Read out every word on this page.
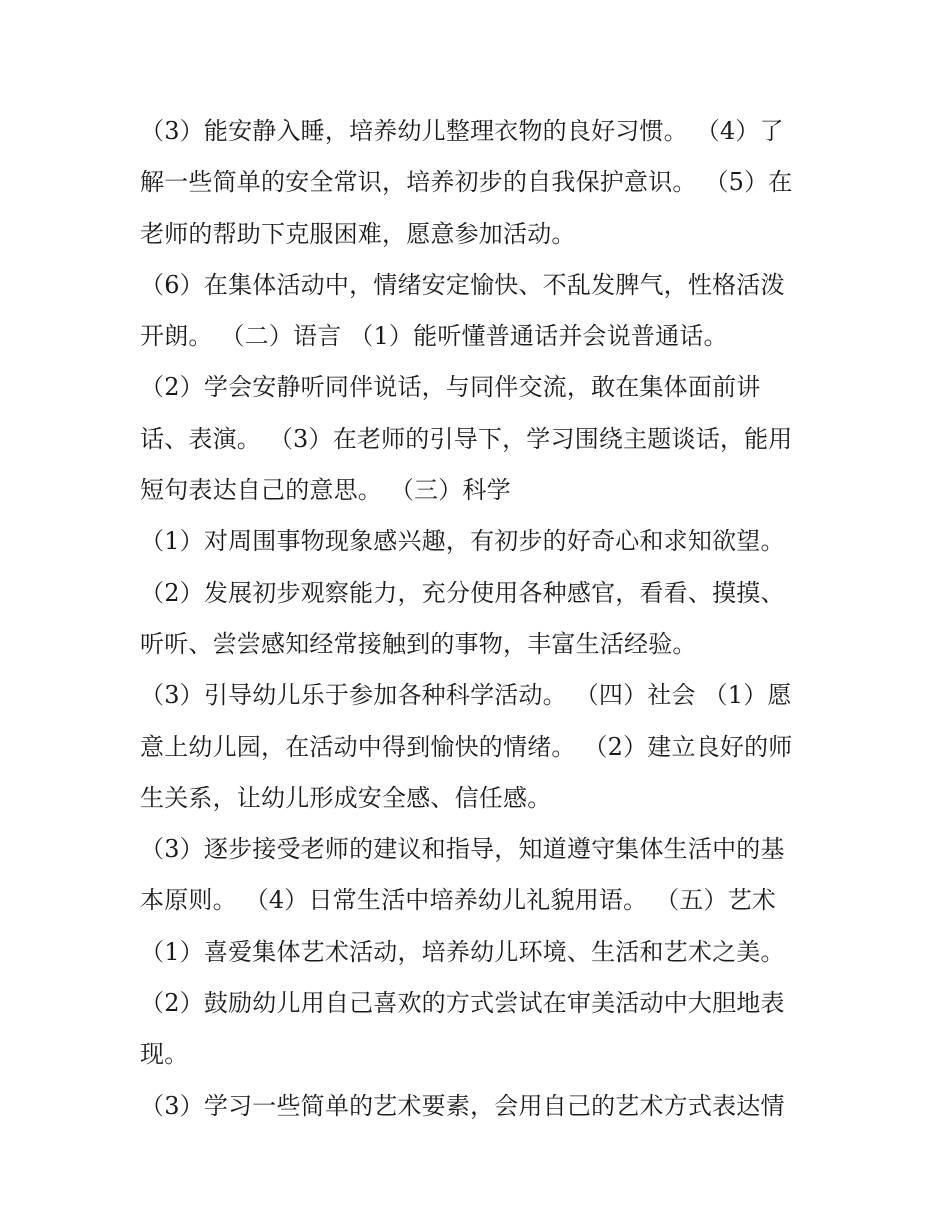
（3）能安静入睡，培养幼儿整理衣物的良好习惯。 （4）了
解一些简单的安全常识，培养初步的自我保护意识。 （5）在
老师的帮助下克服困难，愿意参加活动。
（6）在集体活动中，情绪安定愉快、不乱发脾气，性格活泼
开朗。 （二）语言 （1）能听懂普通话并会说普通话。
（2）学会安静听同伴说话，与同伴交流，敢在集体面前讲
话、表演。 （3）在老师的引导下，学习围绕主题谈话，能用
短句表达自己的意思。 （三）科学
（1）对周围事物现象感兴趣，有初步的好奇心和求知欲望。
（2）发展初步观察能力，充分使用各种感官，看看、摸摸、
听听、尝尝感知经常接触到的事物，丰富生活经验。
（3）引导幼儿乐于参加各种科学活动。 （四）社会 （1）愿
意上幼儿园，在活动中得到愉快的情绪。 （2）建立良好的师
生关系，让幼儿形成安全感、信任感。
（3）逐步接受老师的建议和指导，知道遵守集体生活中的基
本原则。 （4）日常生活中培养幼儿礼貌用语。 （五）艺术
（1）喜爱集体艺术活动，培养幼儿环境、生活和艺术之美。
（2）鼓励幼儿用自己喜欢的方式尝试在审美活动中大胆地表
现。
（3）学习一些简单的艺术要素，会用自己的艺术方式表达情
